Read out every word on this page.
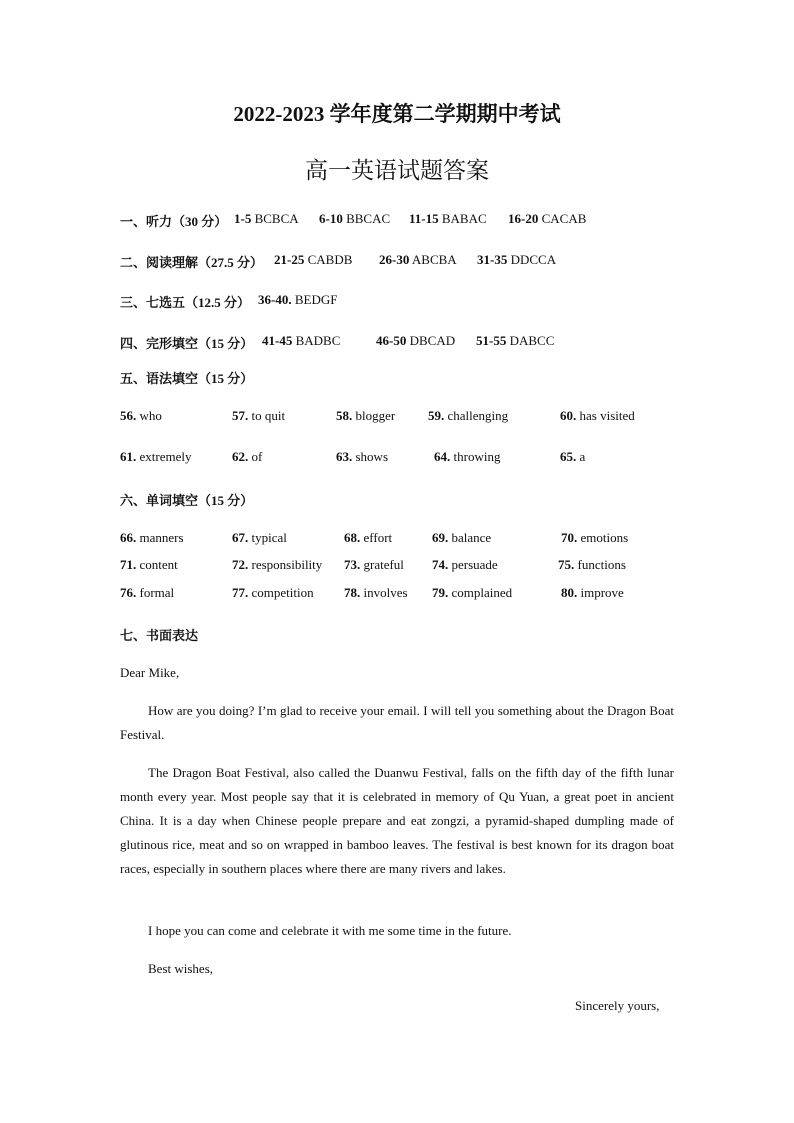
2022-2023 学年度第二学期期中考试
高一英语试题答案
一、听力（30 分） 1-5 BCBCA 6-10 BBCAC 11-15 BABAC 16-20 CACAB
二、阅读理解（27.5 分） 21-25 CABDB 26-30 ABCBA 31-35 DDCCA
三、七选五（12.5 分） 36-40. BEDGF
四、完形填空（15 分） 41-45 BADBC	46-50 DBCAD 51-55 DABCC
五、语法填空（15 分）
56. who	57. to quit	58. blogger	59. challenging	60. has visited
61. extremely	62. of	63. shows	64. throwing	65. a
六、单词填空（15 分）
66. manners	67. typical	68. effort	69. balance	70. emotions
71. content	72. responsibility 73. grateful 74. persuade	75. functions
76. formal	77. competition 78. involves 79. complained	80. improve
七、书面表达
Dear Mike,
How are you doing? I’m glad to receive your email. I will tell you something about the Dragon Boat Festival.
The Dragon Boat Festival, also called the Duanwu Festival, falls on the fifth day of the fifth lunar month every year. Most people say that it is celebrated in memory of Qu Yuan, a great poet in ancient China. It is a day when Chinese people prepare and eat zongzi, a pyramid-shaped dumpling made of glutinous rice, meat and so on wrapped in bamboo leaves. The festival is best known for its dragon boat races, especially in southern places where there are many rivers and lakes.
I hope you can come and celebrate it with me some time in the future.
Best wishes,
Sincerely yours,
